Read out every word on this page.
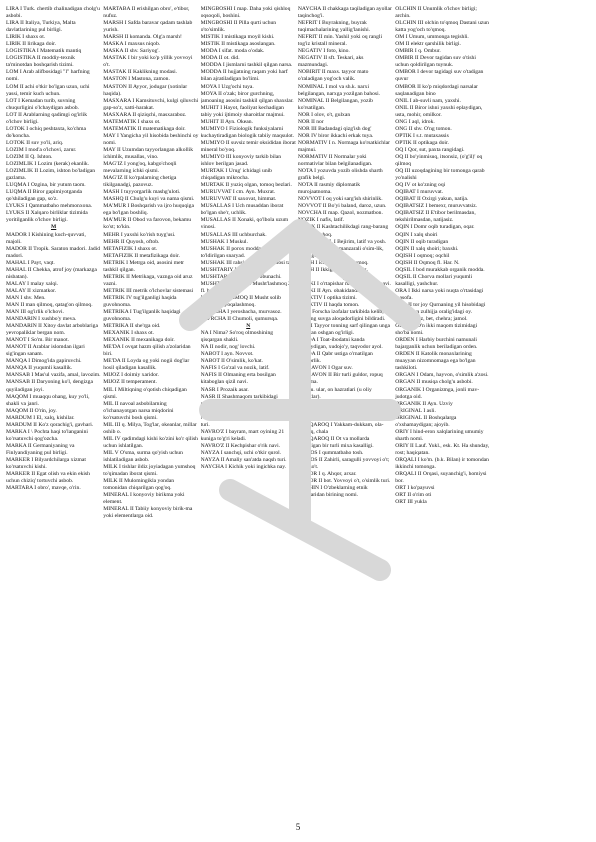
LIRA I Turk. chertib chalinadigan cholg'u asbobi.
LIRA II Italiya, Turkiya, Malta davlatlarining pul birligi.
LIRIK I shaxs ot.
LIRIK II lirikaga doir.
LOGISTIKA I Matematik mantiq
LOGISTIKA II moddiy-texnik ta'minotdan boshqarish tizimi.
LOM I Arab alifbosidagi "l" harfning nomi.
LOM II achi o'tkir bo'lgan uzun, uchi yassi, temir kuch uchun.
LOT I Kemadan turib, suvning chuqurligini o'lchaydigan asbob.
LOT II Arablarning qadimgi og'irlik o'lchov birligi.
LOTOK I ochiq peshtaxta, ko'chma do'koncha.
LOTOK II suv yo'li, ariq.
LOZIM I mod'a o'lchovi, zarur.
LOZIM II Q. Ishton.
LOZIMLIK I Lozim (kerak) ekanlik.
LOZIMLIK II Lozim, ishton bo'ladigan gazlama.
LUQMA I Ozgina, bir yutum taom.
LUQMA II Biror gapimiyotganda qo'shiladigan gap, so'z.
LYUKS I Qammatbaho mehmonxona.
LYUKS II Xalqaro birliklar tizimida yoritilganlik o'lchov birligi.
M
MADOR I Kishining kuch-quvvati, majoli.
MADOR II Tropik. Saraton madori. Jadid madori.
MAHAL I Payt, vaqt.
MAHAL II Chekka, atrof joy (markazga nisbatan).
MALAY I malay xalqi.
MALAY II xizmatkor.
MAN I shv. Men.
MAN II man qilmoq, qatag'on qilmoq.
MAN III og'irlik o'lchovi.
MANDARIN I xushbo'y meva.
MANDARIN II Xitoy davlat arboblariga yevropaliklar bergan nom.
MANOT I So'm. Bir manot.
MANOT II Arablar islomdan ilgari sig'ingan sanam.
MANQA I Dimog'ida gapiruvchi.
MANQA II yuqumli kasallik.
MANSAB I Mas'ul vazifa, amal, lavozim.
MANSAB II Daryoning ko'l, dengizga quyiladigan joyi.
MAQOM I muaqqu ohang, kuy yo'li, shakli va janri.
MAQOM II O'rin, joy.
MARDUM I El, xalq, kishilar.
MARDUM II Ko'z qorachig'i, gavhari.
MARKA I \ Pochta haqi to'langanini ko'rsatuvchi qog'ozcha.
MARKA II Germaniyaning va Finlyandiyaning pul birligi.
MARKER I Bilyardchilarga xizmat ko'rsatuvchi kishi.
MARKER II Egat olish va ekin ekish uchun chiziq' tortuvchi asbob.
MARTABA I obro', mavqe, o'rin.
MARTABA II erishilgan obro', e'tibor, nufuz.
MARSH I Safda baravar qadam tashlab yurish.
MARSH II komanda. Olg'a marsh!
MASKA I maxsus niqob.
MASKA II shv. Sariyog'.
MASTAK I bir yoki ko'p yillik yovvoyi o't.
MASTAK II Kaklikning modasi.
MASTON I Mastona, zamon.
MASTON II Ayyor, jodugar (xotinlar haqida).
MASXARA I Kamsituvchi, kulgi qiluvchi gap-so'z, xatti-harakat.
MASXARA II qiziqchi, masxarabоz.
MATEMATIK I shaxs ot.
MATEMATIK II matematikaga doir.
MAY I Yangicha yil hisobida beshinchi oy nomi.
MAY II Uzumdan tayyorlangan alkollik ichimlik, musallas, vino.
MAG'IZ I yong'oq, kabgo'choqli mevalarning ichki qismi.
MAG'IZ II ko'rpalarning chetiga tikilganadgi, pazovuz.
MASH I tuyyorgarlik mashg'uloti.
MASHQ II Chulg'u kuyi va nama qismi.
MA'MUR I Boshqarish va ijro huquqiga ega bo'lgan boshliq.
MA'MUR II Obod va farovon, bekamu ko'st; to'kin.
MEHR I yaxshi ko'rish tuyg'usi.
MEHR II Quyosh, oftob.
METAFIZIK I shaxs ot.
METAFIZIK II metafizikaga doir.
METRIK I Metrga oid, asosini metr tashkil qilgan.
METRIK II Metrikaga, vaznga oid aruz vazni.
METRIK III metrik o'lchovlar sistemasi
METRIK IV tug'ilganligi haqida guvohnoma.
METRIKA I Tug'ilganlik haqidagi guvohnoma.
METRIKA II she'rga oid.
MEXANIK I shaxs ot.
MEXANIK II mexanikaga doir.
ME'DA I ovqat hazm qilish a'zolaridan biri.
ME'DA II Loyda og yoki nogii dog'lar hosil qiladigan kasallik.
MIJOZ I doimiy xaridor.
MIJOZ II temperament.
MIL I Miltiqning o'qotish chiqadigan qismi.
MIL II navoal asbobilarning o'lchanayotgan narsa miqdorini ko'rsatuvchi bosh qismi.
MIL III q. Milya, Tog'lar, okeanlar, millar oshib o.
MIL IV qadimdagi kishi ko'zini ko'r qilish uchun ishlatilgan.
MIL V O'sma, surma qo'yish uchun ishlatiladigan asbob.
MILK I tishlar ildiz joyiadagan yumshoq to'qimadan iborat qismi.
MILK II Mulomingikla yondan tomonidan chiqarilgan qog'oq.
MINERAL I konyoviy birikma yoki element.
MINERAL II Tabiiy konyoviy birik-ma yoki elementlarga oid.
MINGBOSHI I map. Daha yoki qishloq oqsoqoli, boshini.
MINGBOSHI II Pilla qurti uchun o'to'simlik.
MISTIK I mistikaga moyil kishi.
MISTIK II mistikaga asoslangan.
MODA I sifat. moda o'odak.
MODA II ot. did.
MODDA I jismlarni tashkil qilgan narsa.
MODDA II hujjatning raqam yoki harf bilan ajratiladigan bo'limi.
MOYA I Uzg'ochi tuya.
MOYA II o'zak; biror gurchning, jamoaning asosini tashkil qilgan shaxslar.
MUHIT I Hayot, faoliyat kechadigan tabiy yoki ijtimoiy sharoitlar majmui.
MUHIT II Ayn. Okean.
MUMIYO I Fiziologik funksiyalarni kuchaytiradigan biologik tabiiy maqsulot.
MUMIYO II suvsiz temir oksididan iborat mineral bo'yoq.
MUMIYO III konyoviy tarkib bilan ishlov berilgan jasad.
MURTAK I Urug' ichidagi unib chiqadigan mikrocha.
MURTAK II yuziq olgan, tomoq bezlari.
MURUVVAT I cm. Ayn. Muxrat.
MURUVVAT II saxovat, himmat.
MUSALLAS I Uch musaddan iborat bo'lgan she'r, uchlik.
MUSALLAS II Xonaki, qo'lbola uzum vinosi.
MUSALLAS III uchburchak.
MUSHAK I Muskul.
MUSHAK II porox moddasi bilan to'ldirilgan snaryad.
MUSHAK III rahsiztang uchi to'mosi tan.
MUSHTARIY I Ayn. Yupiter.
MUSHTARIY II Xaridor, obunachi.
MUSHTLASHMOQ I Musht'lashmoq 2 fl. bg. N.
MUSHTLASHMOQ II Musht solib urishmoq, yoqalashmoq.
MO'RCHA I yerosbacha, murvasoz.
MO'RCHA II Chumoli, qumursqa.
N
NA I Nima? So'roq olmoshining qisqargan shakli.
NA II nodir, nog' lovchi.
NABOT I ayn. Novvot.
NABOT II O'simlik, ko'kat.
NAFIS I Go'zal va nozik, latif.
NAFIS II Olmaning erta bosilgan kitaboglan qizil navi.
NASR I Prozaik asar.
NASR II Shashmaqom tarkibidagi maqomlarning ashula bo'limi.
NAVO I Kuy, ohang, xonish.
NAVO II shv. Yarim yoy shaklidagi bezak turi.
NAVRO'Z I bayram, mart oyining 21 kuniga to'g'ri keladi.
NAVRO'Z II Kechpishar o'rik navi.
NAYZA I sanchqi, uchi o'tkir qurol.
NAYZA II Amaliy san'atda naqsh turi.
NAYCHA I Kichik yoki ingichka nay.
NAYCHA II chakkaga taqiladigan ayollar taqinchog'i.
NEFRIT I Buyrakning, buyrak tuqimachalarining yallig'lanishi.
NEFRIT II min. Yashil yoki oq rangli tog'iz kristall mineral.
NEGATIV I foto, kino.
NEGATIV II sft. Teskari, aks mazmundagi.
NOBIRIT II maxs. tayyor mato o'raladigan yog'och valik.
NOMINAL I mol va sh.k. narxi belgilangan, narxga yozilgan bahosi.
NOMINAL II Belgilangan, yozib ko'rsatilgan.
NOR I olov, o't, gulxan
NOR II nor
NOR III Badandagi qizg'ish dog'
NOR IV biror ikkachi erkak tuya.
NORMATIV I n. Normaga ko'rsatkichlar majmui.
NORMATIV II Normalar yoki normativlar bilan belgilanadigan.
NOTA I yozuvda yozib olishda sharth grafik belgi.
NOTA II rasmiy diplomatik murojaatnoma.
NOVVOT I oq yoki sarg'ish shirinlik.
NOVVOT II Bo'yi baland, daroz, uzun.
NOVCHA II map. Qazol, nozmatbon.
NOZIK I nafis, latif.
NOZIK II Kashtachilikdagi rang-barang nafis munchoq.
NOZIKNIHOL I Bejirim, latif va yosh.
NOZIKNIHOL II manzarali o'sim-lik, ekma gul turi.
NO'SH I ichish, no'sh aylamoq.
NO'SH II Ikkiga ekilgan poyiz.
O
OBAKI I o'rtapishar mahalliy uzum navi.
OBAKI II Ayn. obakidandon.
OBEKTIV I optika tizimi.
OBEKTIV II haqda tomon.
OBI I Forscha izofalar tarkibida kelib, so'zning suvga aloqadorligini bildiradi.
OBI II Tayyor tonning sarf qilingan unga nisbatan oshgan og'irligi.
OBIDA I Toat-ibodatni kanda qilmaydigan, xudojo'y, taqvodor ayol.
OBIDA II Qabr ustiga o'rnatilgan yodgorlik.
OBIRAVON I Ogar suv.
OBIRAVON II Bir turli guldor, ropuq gazlama.
OH I u. ular, on hazratlari (u oliy hazratlar).
OH II Quyoshiz zamon, lahza, payt.
OL I qizil rangning turi
OL II qo'l bilan tutmoq, ixtiyoriga olmoq
OLAQAROQ I Yakkam-dukkam, ola-quyraq, chala
OLAQAROQ II Ot va mollarda bo'ladigan bir turli mixa kasalligi.
OLMOS I qummatbaho tosh.
OLMOS II Zahirli, saragulli yovvoyi o't; olmoso't.
OLQOR I q. Ahqor, arxar.
OLQOR II bot. Yovvoyi o't, o'simlik turi.
OLCHIN I O'zbeklarning etnik urug'laridan birining nomi.
OLCHIN II Unumlik o'lchov birligi; archin.
OLCHIN III olchin to'qmoq Dastani uzun katta yog'och to'qmoq.
OM I Umum, ummonga tegishli.
OM II elektr qarshilik birligi.
OMBIR I q. Ombur.
OMBIR II Devor tagidan suv o'tishi uchun qoldirilgan tuynuk.
OMBOR I devor tagidagi suv o'tadigan quvur
OMBOR II ko'p miqdordagi narsalar saqlanadigan binо
ONIL I ab-suvli nam, yaxshi.
ONIL II Biror ishni yaxshi eplaydigan, usta, mohir, omilkor.
ONG I aql, idrok.
ONG II shv. O'ng tomon.
OPTIK I s.t. mutaxassis
OPTIK II optikaga doir.
OQ I Qor, sut, paxta rangidagi.
OQ II bo'yinmisuq, itsonsiz, (o'g'il)' oq qilmoq
OQ III uzoqdagining bir tomonga qarab yo'nalishi
OQ IV ot ko'zning oqi
OQIBAT I muruvvat.
OQIBAT II Oxirgi yakun, natija.
OQIBATSIZ I bemexr, muruvvatsiz.
OQIBATSIZ II E'tibor berilmasdan, tekshirilmasdan, natijasiz.
OQIN I Domr oqib turadigan, oqar.
OQIN I xalq shoiri
OQIN II oqib turadigan
OQIN II xalq shoiri; baxshi.
OQISH I oqmoq; oqchil
OQISH II Oqmoq fl. Har. N.
OQSIL I bod murakkab organik modda.
OQSIL II Chorva mollari yuqumli kasalligi, yashchur.
ORA I Ikki narsa yoki nuqta o'rtasidagi masofa.
ORA II tor joy Qurnaning yil hisobidagi shavvol va zulhijja oralig'idagi oy.
ORAZ I yuz, bet, chehra; jamol.
ORAZ II O'n ikki maqom tizimidagi sho'ba nomi.
ORDEN I Harbiy burchini namunali bajarganlik uchun beriladigan orden.
ORDEN II Katolik monaxlarining muayyan nizomnomaga ega bo'lgan tashkiloti.
ORGAN I Odam, hayvon, o'simlik a'zosi.
ORGAN II musiqa cholg'u asbobi.
ORGANIK I Organizmga, jonli mav-judotga oid.
ORGANIK II Ayn. Uzviy
ORIGINAL I asli.
ORIGINAL II Boshqalarga o'xshamaydigan; ajoyib.
ORIY I hind-eron xalqlarining umumiy sharth nomi.
ORIY II Lauf. Yukl., esk. Kt. Ha shunday, rost; haqiqatan.
ORQALI I ko'm. (b.k. Bilan) ir tomondan ikkinchi tomonga.
ORQALI II Orqasi, suyanchig'i, homiysi bor.
ORT I ko'payuvsi
ORT II o'rim oti
ORT III yukla
5
